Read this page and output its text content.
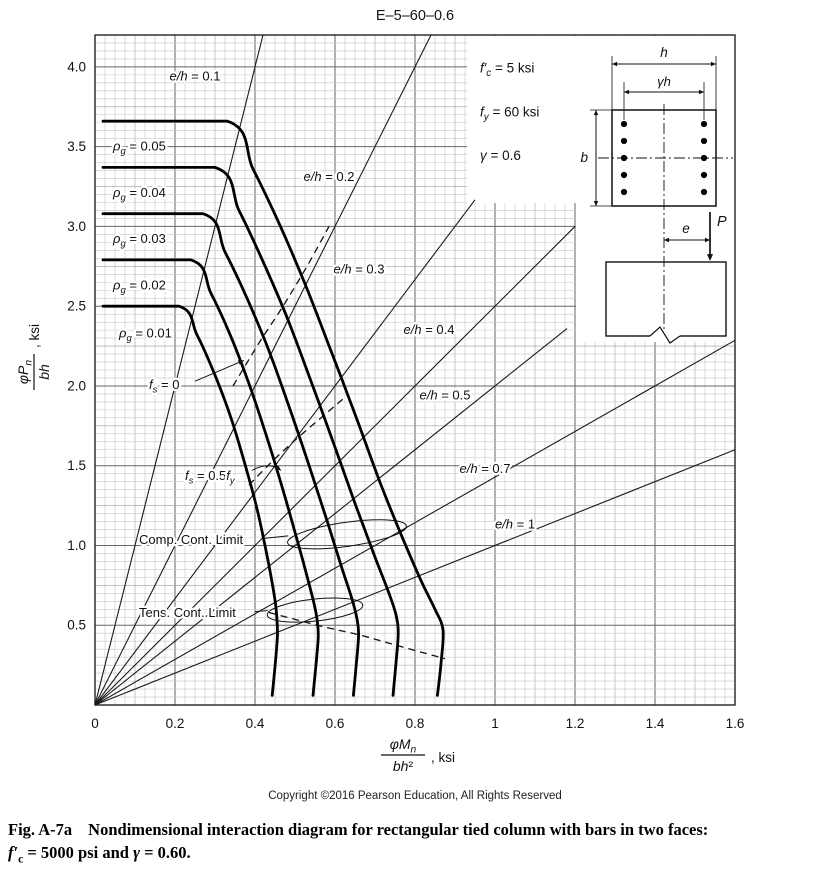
e/h = 0.1
e/h = 0.2
e/h = 0.3
e/h = 0.4
e/h = 0.5
e/h = 0.7
e/h = 1
Comp. Cont. Limit
Tens. Cont. Limit
$f_s = 0$
$f_s = 0.5f_y$
$\rho_g = 0.05$
$\rho_g = 0.04$
$\rho_g = 0.03$
$\rho_g = 0.02$
$\rho_g = 0.01$
$f'_c = 5$ ksi
$f_y = 60$ ksi
γ = 0.6
0	0.2	0.4	0.6	0.8	1	1.2	1.4	1.6
0.5
1.0
1.5
2.0
2.5
3.0
3.5
4.0
E–5–60–0.6
Copyright ©2016 Pearson Education, All Rights Reserved
$\varphi M_n$
bh²
, ksi
$\varphi P_n$
bh
, ksi
h
γh
b
e P
Fig. A-7a Nondimensional interaction diagram for rectangular tied column with bars in two faces:
$f'_c = 5000$ psi and γ = 0.60.
